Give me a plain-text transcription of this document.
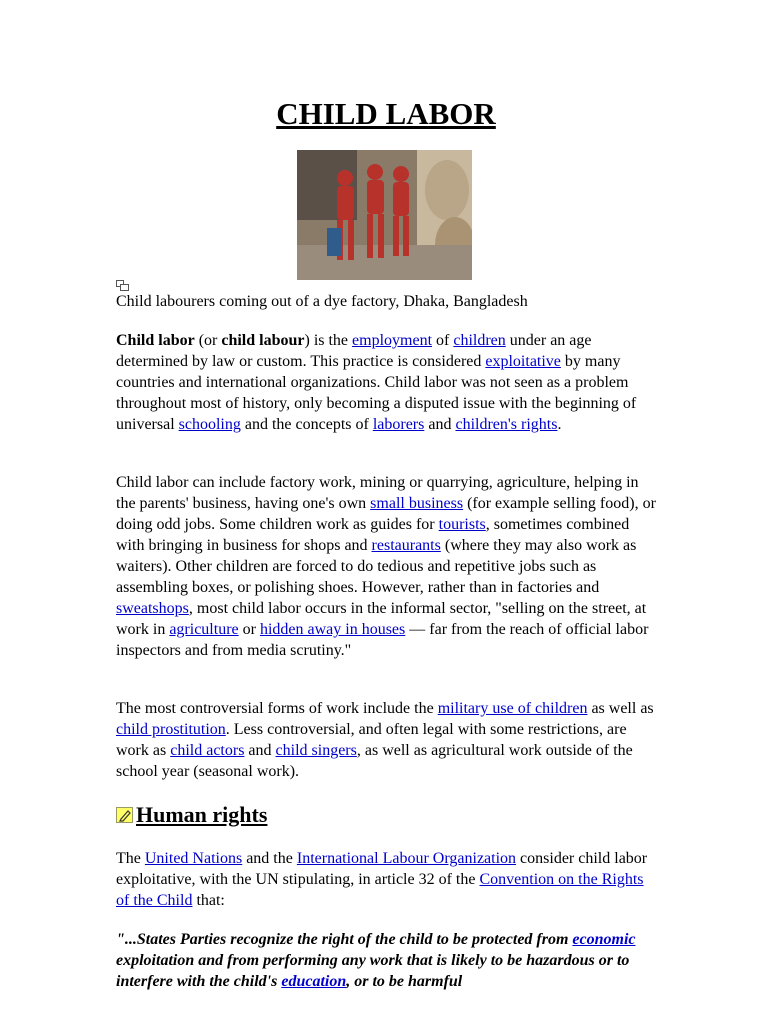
CHILD LABOR

Child labourers coming out of a dye factory, Dhaka, Bangladesh

Child labor (or child labour) is the employment of children under an age determined by law or custom. This practice is considered exploitative by many countries and international organizations. Child labor was not seen as a problem throughout most of history, only becoming a disputed issue with the beginning of universal schooling and the concepts of laborers and children's rights.

Child labor can include factory work, mining or quarrying, agriculture, helping in the parents' business, having one's own small business (for example selling food), or doing odd jobs. Some children work as guides for tourists, sometimes combined with bringing in business for shops and restaurants (where they may also work as waiters). Other children are forced to do tedious and repetitive jobs such as assembling boxes, or polishing shoes. However, rather than in factories and sweatshops, most child labor occurs in the informal sector, "selling on the street, at work in agriculture or hidden away in houses — far from the reach of official labor inspectors and from media scrutiny."

The most controversial forms of work include the military use of children as well as child prostitution. Less controversial, and often legal with some restrictions, are work as child actors and child singers, as well as agricultural work outside of the school year (seasonal work).

Human rights

The United Nations and the International Labour Organization consider child labor exploitative, with the UN stipulating, in article 32 of the Convention on the Rights of the Child that:

"...States Parties recognize the right of the child to be protected from economic exploitation and from performing any work that is likely to be hazardous or to interfere with the child's education, or to be harmful
